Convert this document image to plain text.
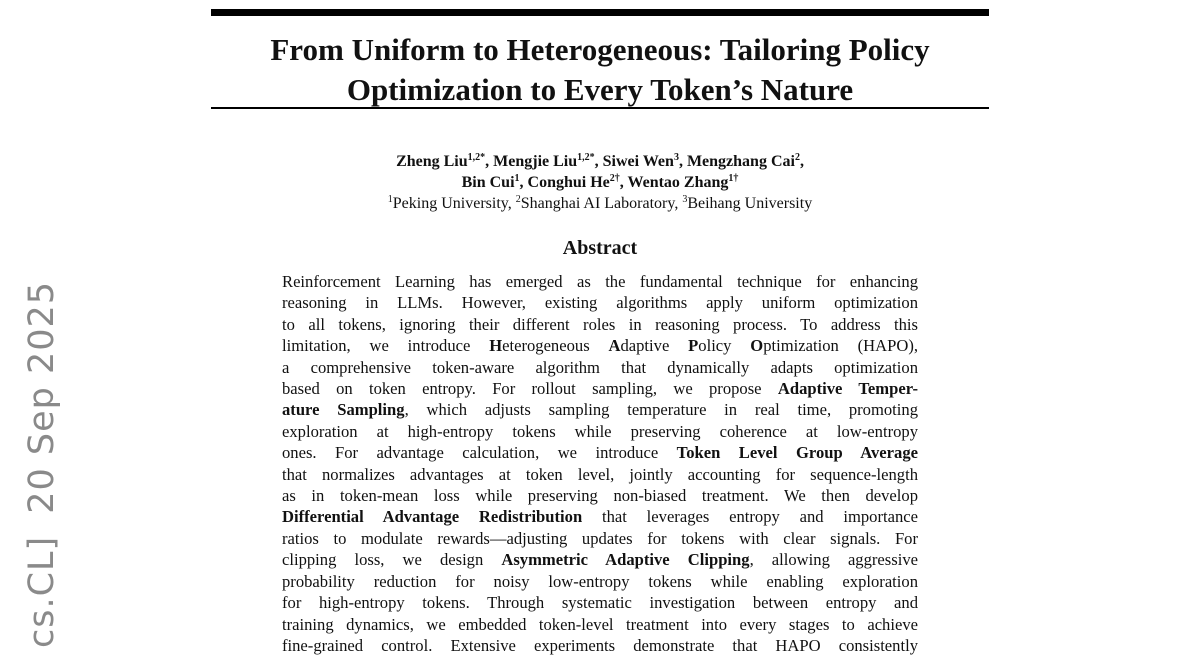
cs.CL]20 Sep 2025
From Uniform to Heterogeneous: Tailoring Policy
Optimization to Every Token’s Nature
Zheng Liu$^{1,2*}$, Mengjie Liu$^{1,2*}$, Siwei Wen$^3$, Mengzhang Cai$^2$,
Bin Cui$^1$, Conghui $He^{2\dagger}$, Wentao Zhang$^{1\dagger}$
$^1$Peking University, $^2$Shanghai AI Laboratory, $^3$Beihang University
Abstract
Reinforcement Learning has emerged as the fundamental technique for enhancing
reasoning in LLMs. However, existing algorithms apply uniform optimization
to all tokens, ignoring their different roles in reasoning process. To address this
limitation, we introduce Heterogeneous Adaptive Policy Optimization (HAPO),
a comprehensive token-aware algorithm that dynamically adapts optimization
based on token entropy. For rollout sampling, we propose Adaptive Temper-
ature Sampling, which adjusts sampling temperature in real time, promoting
exploration at high-entropy tokens while preserving coherence at low-entropy
ones. For advantage calculation, we introduce Token Level Group Average
that normalizes advantages at token level, jointly accounting for sequence-length
as in token-mean loss while preserving non-biased treatment. We then develop
Differential Advantage Redistribution that leverages entropy and importance
ratios to modulate rewards—adjusting updates for tokens with clear signals. For
clipping loss, we design Asymmetric Adaptive Clipping, allowing aggressive
probability reduction for noisy low-entropy tokens while enabling exploration
for high-entropy tokens. Through systematic investigation between entropy and
training dynamics, we embedded token-level treatment into every stages to achieve
fine-grained control. Extensive experiments demonstrate that HAPO consistently
